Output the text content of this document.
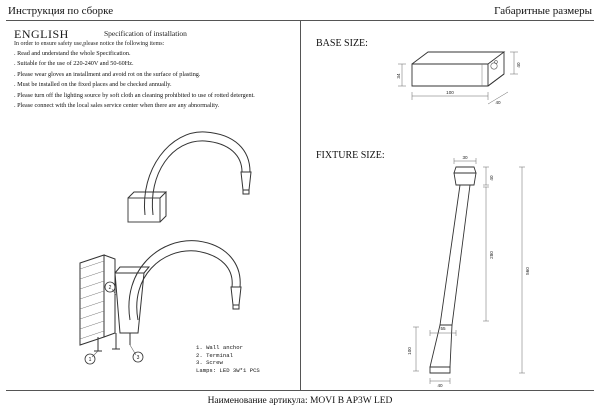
Инструкция по сборке	Габаритные размеры
ENGLISH	Specification of installation
In order to ensure safety use,please notice the following items:
. Read and understand the whole Specification.
. Suitable for the use of 220-240V and 50-60Hz.
. Please wear gloves an installment and avoid rot on the surface of plasting.
. Must be installed on the fixed places and be checked annually.
. Please turn off the lighting source by soft cloth an cleaning prohibited to use of rotted detergent.
. Please connect with the local sales service center when there are any abnormality.
1
2
3
1. Wall anchor
2. Terminal
3. Screw
Lamps: LED 3W*1 PCS
BASE SIZE:
100
34
40
40
FIXTURE SIZE:	30
40
280
560
55
100
40
Наименование артикула: MOVI B AP3W LED
